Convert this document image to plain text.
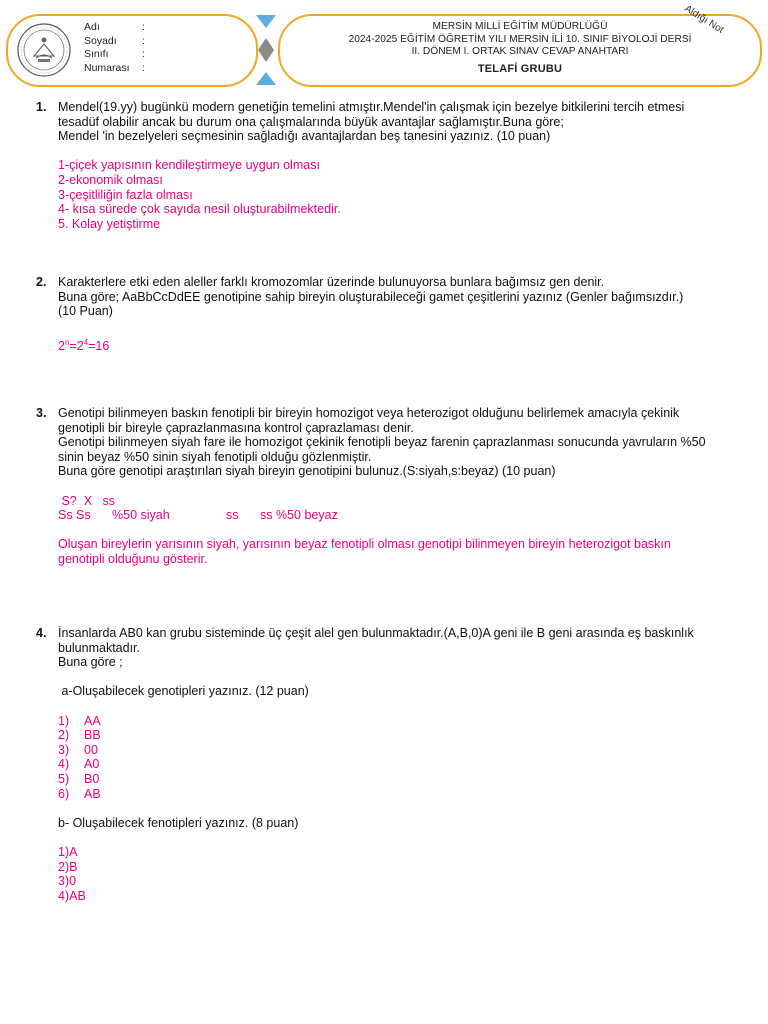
Adı	:
Soyadı	:
Sınıfı	:
Numarası	:
MERSİN MİLLİ EĞİTİM MÜDÜRLÜĞÜ
2024-2025 EĞİTİM ÖĞRETİM YILI MERSİN İLİ 10. SINIF BİYOLOJİ DERSİ
II. DÖNEM I. ORTAK SINAV CEVAP ANAHTARI
TELAFİ GRUBU
Aldığı Not
1. Mendel(19.yy) bugünkü modern genetiğin temelini atmıştır.Mendel'in çalışmak için bezelye bitkilerini tercih etmesi
tesadüf olabilir ancak bu durum ona çalışmalarında büyük avantajlar sağlamıştır.Buna göre;
Mendel 'in bezelyeleri seçmesinin sağladığı avantajlardan beş tanesini yazınız. (10 puan)
1-çiçek yapısının kendileştirmeye uygun olması
2-ekonomik olması
3-çeşitliliğin fazla olması
4- kısa sürede çok sayıda nesil oluşturabilmektedir.
5. Kolay yetiştirme
2. Karakterlere etki eden aleller farklı kromozomlar üzerinde bulunuyorsa bunlara bağımsız gen denir.
Buna göre; AaBbCcDdEE genotipine sahip bireyin oluşturabileceği gamet çeşitlerini yazınız (Genler bağımsızdır.)
(10 Puan)
$2^n=2^4=16$
3. Genotipi bilinmeyen baskın fenotipli bir bireyin homozigot veya heterozigot olduğunu belirlemek amacıyla çekinik
genotipli bir bireyle çaprazlanmasına kontrol çaprazlaması denir.
Genotipi bilinmeyen siyah fare ile homozigot çekinik fenotipli beyaz farenin çaprazlanması sonucunda yavruların %50
sinin beyaz %50 sinin siyah fenotipli olduğu gözlenmiştir.
Buna göre genotipi araştırılan siyah bireyin genotipini bulunuz.(S:siyah,s:beyaz) (10 puan)
S?  X   ss
Ss Ss	%50 siyah	ss	ss %50 beyaz
Oluşan bireylerin yarısının siyah, yarısının beyaz fenotipli olması genotipi bilinmeyen bireyin heterozigot baskın
genotipli olduğunu gösterir.
4. İnsanlarda AB0 kan grubu sisteminde üç çeşit alel gen bulunmaktadır.(A,B,0)A geni ile B geni arasında eş baskınlık
bulunmaktadır.
Buna göre ;
a-Oluşabilecek genotipleri yazınız. (12 puan)
1)	AA
2)	BB
3)	00
4)	A0
5)	B0
6)	AB
b- Oluşabilecek fenotipleri yazınız. (8 puan)
1)A
2)B
3)0
4)AB
